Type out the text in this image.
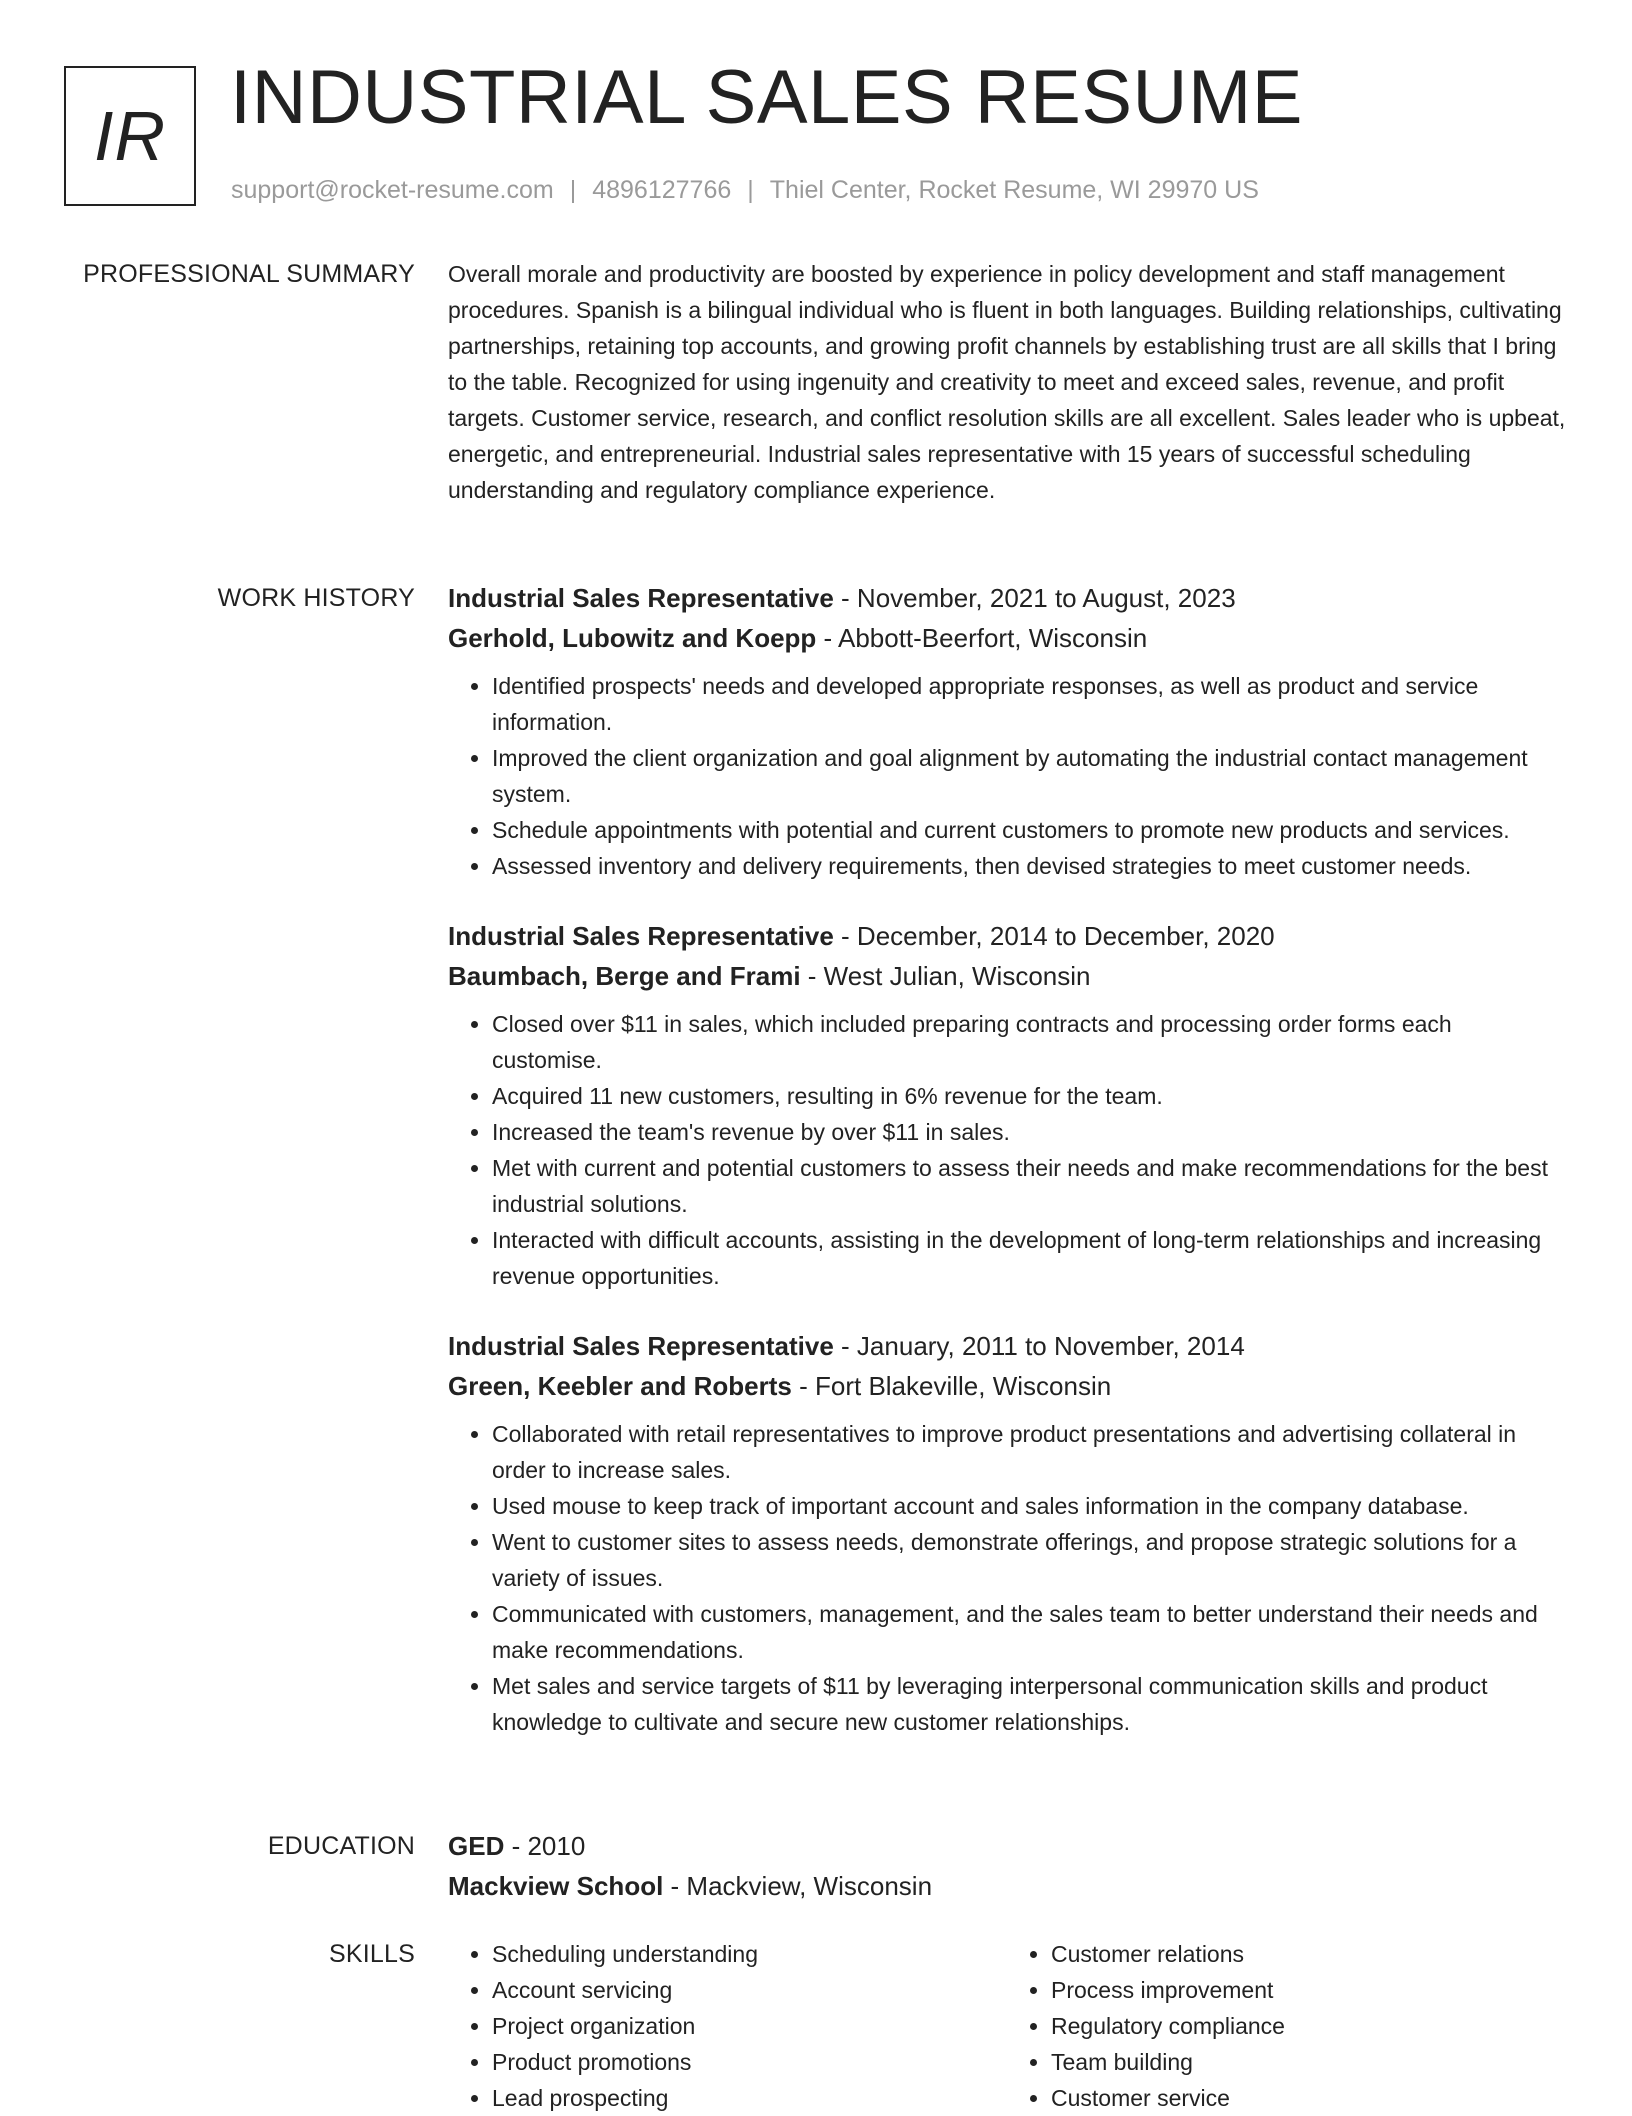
IR INDUSTRIAL SALES RESUME
support@rocket-resume.com | 4896127766 | Thiel Center, Rocket Resume, WI 29970 US
PROFESSIONAL SUMMARY Overall morale and productivity are boosted by experience in policy development and staff management procedures. Spanish is a bilingual individual who is fluent in both languages. Building relationships, cultivating partnerships, retaining top accounts, and growing profit channels by establishing trust are all skills that I bring to the table. Recognized for using ingenuity and creativity to meet and exceed sales, revenue, and profit targets. Customer service, research, and conflict resolution skills are all excellent. Sales leader who is upbeat, energetic, and entrepreneurial. Industrial sales representative with 15 years of successful scheduling understanding and regulatory compliance experience.

WORK HISTORY Industrial Sales Representative - November, 2021 to August, 2023
Gerhold, Lubowitz and Koepp - Abbott-Beerfort, Wisconsin
• Identified prospects' needs and developed appropriate responses, as well as product and service information.
• Improved the client organization and goal alignment by automating the industrial contact management system.
• Schedule appointments with potential and current customers to promote new products and services.
• Assessed inventory and delivery requirements, then devised strategies to meet customer needs.
Industrial Sales Representative - December, 2014 to December, 2020
Baumbach, Berge and Frami - West Julian, Wisconsin
• Closed over $11 in sales, which included preparing contracts and processing order forms each customise.
• Acquired 11 new customers, resulting in 6% revenue for the team.
• Increased the team's revenue by over $11 in sales.
• Met with current and potential customers to assess their needs and make recommendations for the best industrial solutions.
• Interacted with difficult accounts, assisting in the development of long-term relationships and increasing revenue opportunities.
Industrial Sales Representative - January, 2011 to November, 2014
Green, Keebler and Roberts - Fort Blakeville, Wisconsin
• Collaborated with retail representatives to improve product presentations and advertising collateral in order to increase sales.
• Used mouse to keep track of important account and sales information in the company database.
• Went to customer sites to assess needs, demonstrate offerings, and propose strategic solutions for a variety of issues.
• Communicated with customers, management, and the sales team to better understand their needs and make recommendations.
• Met sales and service targets of $11 by leveraging interpersonal communication skills and product knowledge to cultivate and secure new customer relationships.
EDUCATION GED - 2010
Mackview School - Mackview, Wisconsin
SKILLS
•	Scheduling understanding
• Account servicing
• Project organization
• Product promotions
• Lead prospecting
• Customer relations
• Process improvement
• Regulatory compliance
• Team building
• Customer service
